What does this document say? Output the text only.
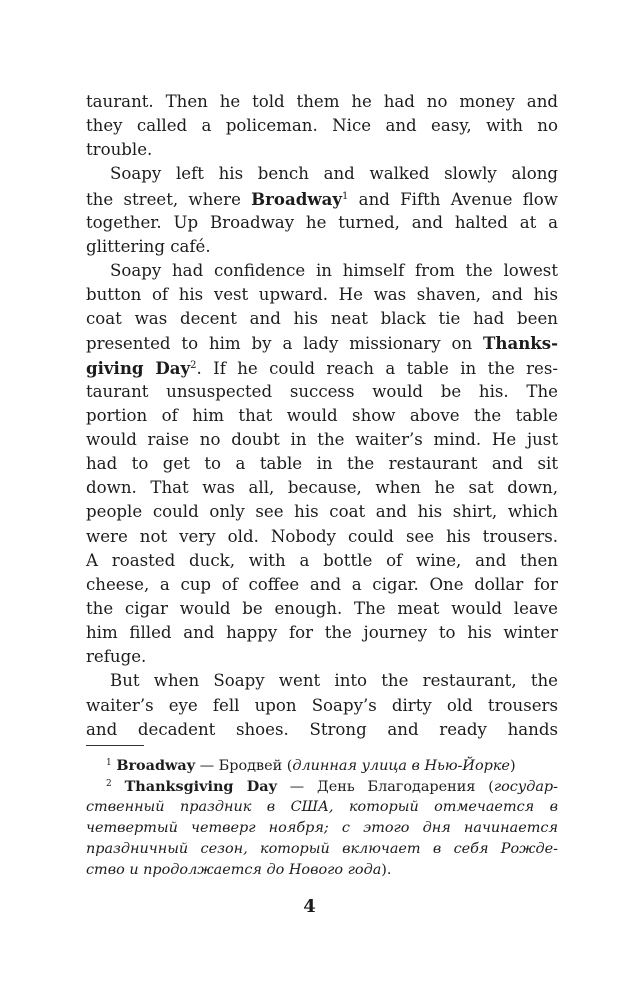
taurant. Then he told them he had no money and
they called a policeman. Nice and easy, with no
trouble.
Soapy left his bench and walked slowly along
the street, where Broadway$^1$ and Fifth Avenue flow
together. Up Broadway he turned, and halted at a
glittering café.
Soapy had confidence in himself from the lowest
button of his vest upward. He was shaven, and his
coat was decent and his neat black tie had been
presented to him by a lady missionary on Thanks-
giving Day$^2$. If he could reach a table in the res-
taurant unsuspected success would be his. The
portion of him that would show above the table
would raise no doubt in the waiter’s mind. He just
had to get to a table in the restaurant and sit
down. That was all, because, when he sat down,
people could only see his coat and his shirt, which
were not very old. Nobody could see his trousers.
A roasted duck, with a bottle of wine, and then
cheese, a cup of coffee and a cigar. One dollar for
the cigar would be enough. The meat would leave
him filled and happy for the journey to his winter
refuge.
But when Soapy went into the restaurant, the
waiter’s eye fell upon Soapy’s dirty old trousers
and decadent shoes. Strong and ready hands
$^1$ Broadway — Бродвей (длинная улица в Нью-Йорке)
$^2$ Thanksgiving Day — День Благодарения (государ-
ственный праздник в США, который отмечается в
четвертый четверг ноября; с этого дня начинается
праздничный сезон, который включает в себя Рожде-
ство и продолжается до Нового года).
4
